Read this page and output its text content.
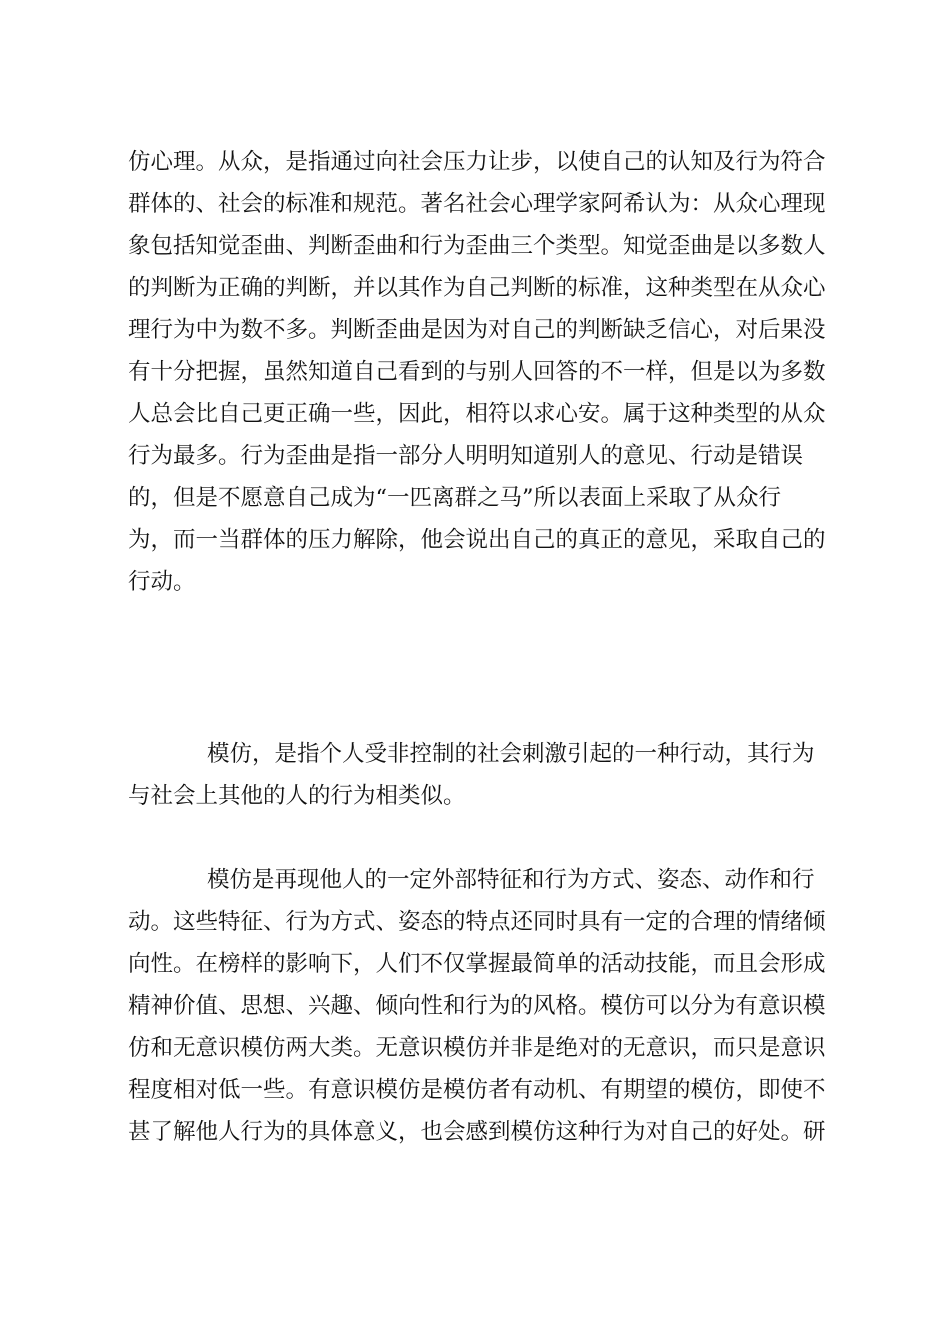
仿心理。从众，是指通过向社会压力让步，以使自己的认知及行为符合
群体的、社会的标准和规范。著名社会心理学家阿希认为：从众心理现
象包括知觉歪曲、判断歪曲和行为歪曲三个类型。知觉歪曲是以多数人
的判断为正确的判断，并以其作为自己判断的标准，这种类型在从众心
理行为中为数不多。判断歪曲是因为对自己的判断缺乏信心，对后果没
有十分把握，虽然知道自己看到的与别人回答的不一样，但是以为多数
人总会比自己更正确一些，因此，相符以求心安。属于这种类型的从众
行为最多。行为歪曲是指一部分人明明知道别人的意见、行动是错误
的，但是不愿意自己成为“一匹离群之马”所以表面上采取了从众行
为，而一当群体的压力解除，他会说出自己的真正的意见，采取自己的
行动。

模仿，是指个人受非控制的社会刺激引起的一种行动，其行为
与社会上其他的人的行为相类似。

模仿是再现他人的一定外部特征和行为方式、姿态、动作和行
动。这些特征、行为方式、姿态的特点还同时具有一定的合理的情绪倾
向性。在榜样的影响下，人们不仅掌握最简单的活动技能，而且会形成
精神价值、思想、兴趣、倾向性和行为的风格。模仿可以分为有意识模
仿和无意识模仿两大类。无意识模仿并非是绝对的无意识，而只是意识
程度相对低一些。有意识模仿是模仿者有动机、有期望的模仿，即使不
甚了解他人行为的具体意义，也会感到模仿这种行为对自己的好处。研
